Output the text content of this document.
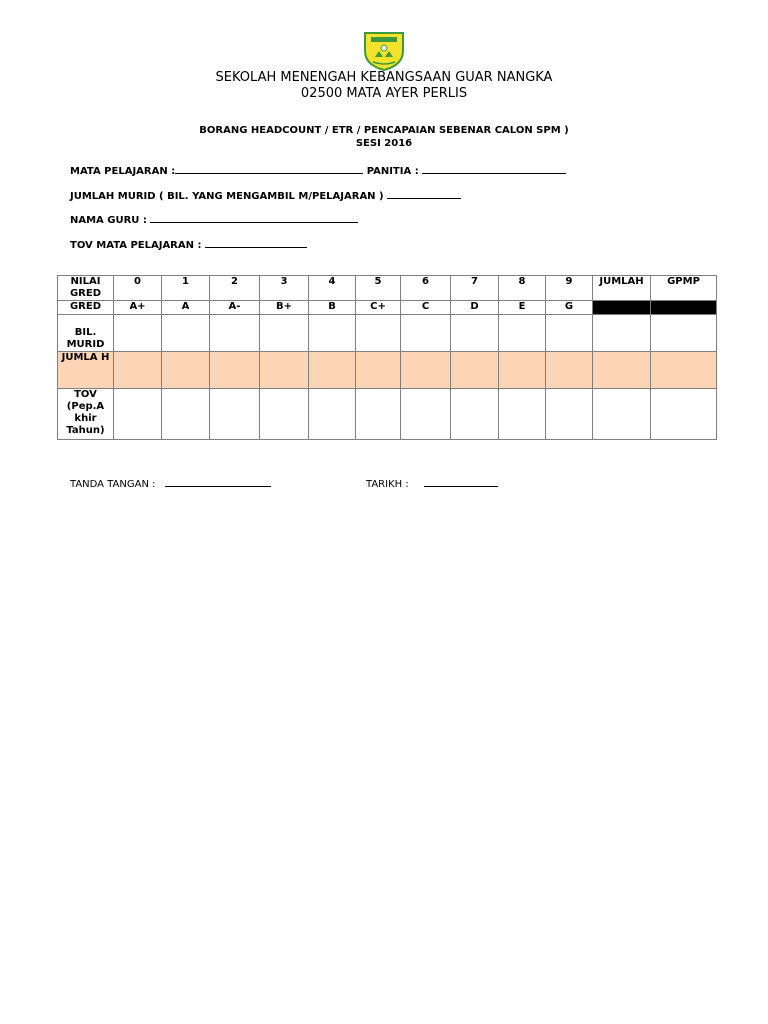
SEKOLAH MENENGAH KEBANGSAAN GUAR NANGKA
02500 MATA AYER PERLIS
BORANG HEADCOUNT / ETR / PENCAPAIAN SEBENAR CALON SPM )
SESI 2016
MATA PELAJARAN :	PANITIA :
JUMLAH MURID ( BIL. YANG MENGAMBIL M/PELAJARAN )
NAMA GURU :
TOV MATA PELAJARAN :
NILAI GRED	0	1	2	3	4	5	6	7	8	9	JUMLAH	GPMP
GRED	A+	A	A-	B+	B	C+	C	D	E	G		
BIL. MURID												
JUMLA H												
TOV (Pep.A khir Tahun)												
TANDA TANGAN :	TARIKH :
